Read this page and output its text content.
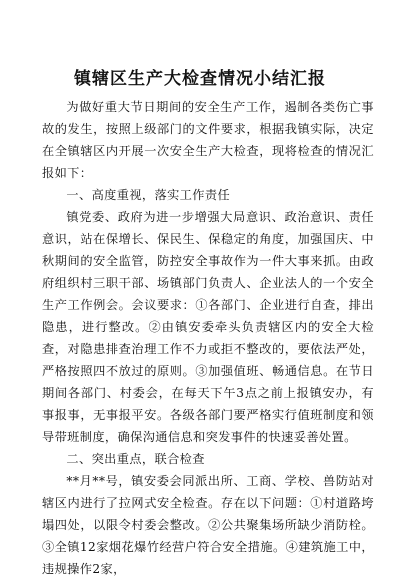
镇辖区生产大检查情况小结汇报

为做好重大节日期间的安全生产工作，遏制各类伤亡事故的发生，按照上级部门的文件要求，根据我镇实际，决定在全镇辖区内开展一次安全生产大检查，现将检查的情况汇报如下：

一、高度重视，落实工作责任

镇党委、政府为进一步增强大局意识、政治意识、责任意识，站在保增长、保民生、保稳定的角度，加强国庆、中秋期间的安全监管，防控安全事故作为一件大事来抓。由政府组织村三职干部、场镇部门负责人、企业法人的一个安全生产工作例会。会议要求：①各部门、企业进行自查，排出隐患，进行整改。②由镇安委牵头负责辖区内的安全大检查，对隐患排查治理工作不力或拒不整改的，要依法严处，严格按照四不放过的原则。③加强值班、畅通信息。在节日期间各部门、村委会，在每天下午3点之前上报镇安办，有事报事，无事报平安。各级各部门要严格实行值班制度和领导带班制度，确保沟通信息和突发事件的快速妥善处置。

二、突出重点，联合检查

**月**号，镇安委会同派出所、工商、学校、兽防站对辖区内进行了拉网式安全检查。存在以下问题：①村道路垮塌四处，以限令村委会整改。②公共聚集场所缺少消防栓。③全镇12家烟花爆竹经营户符合安全措施。④建筑施工中，违规操作2家，
